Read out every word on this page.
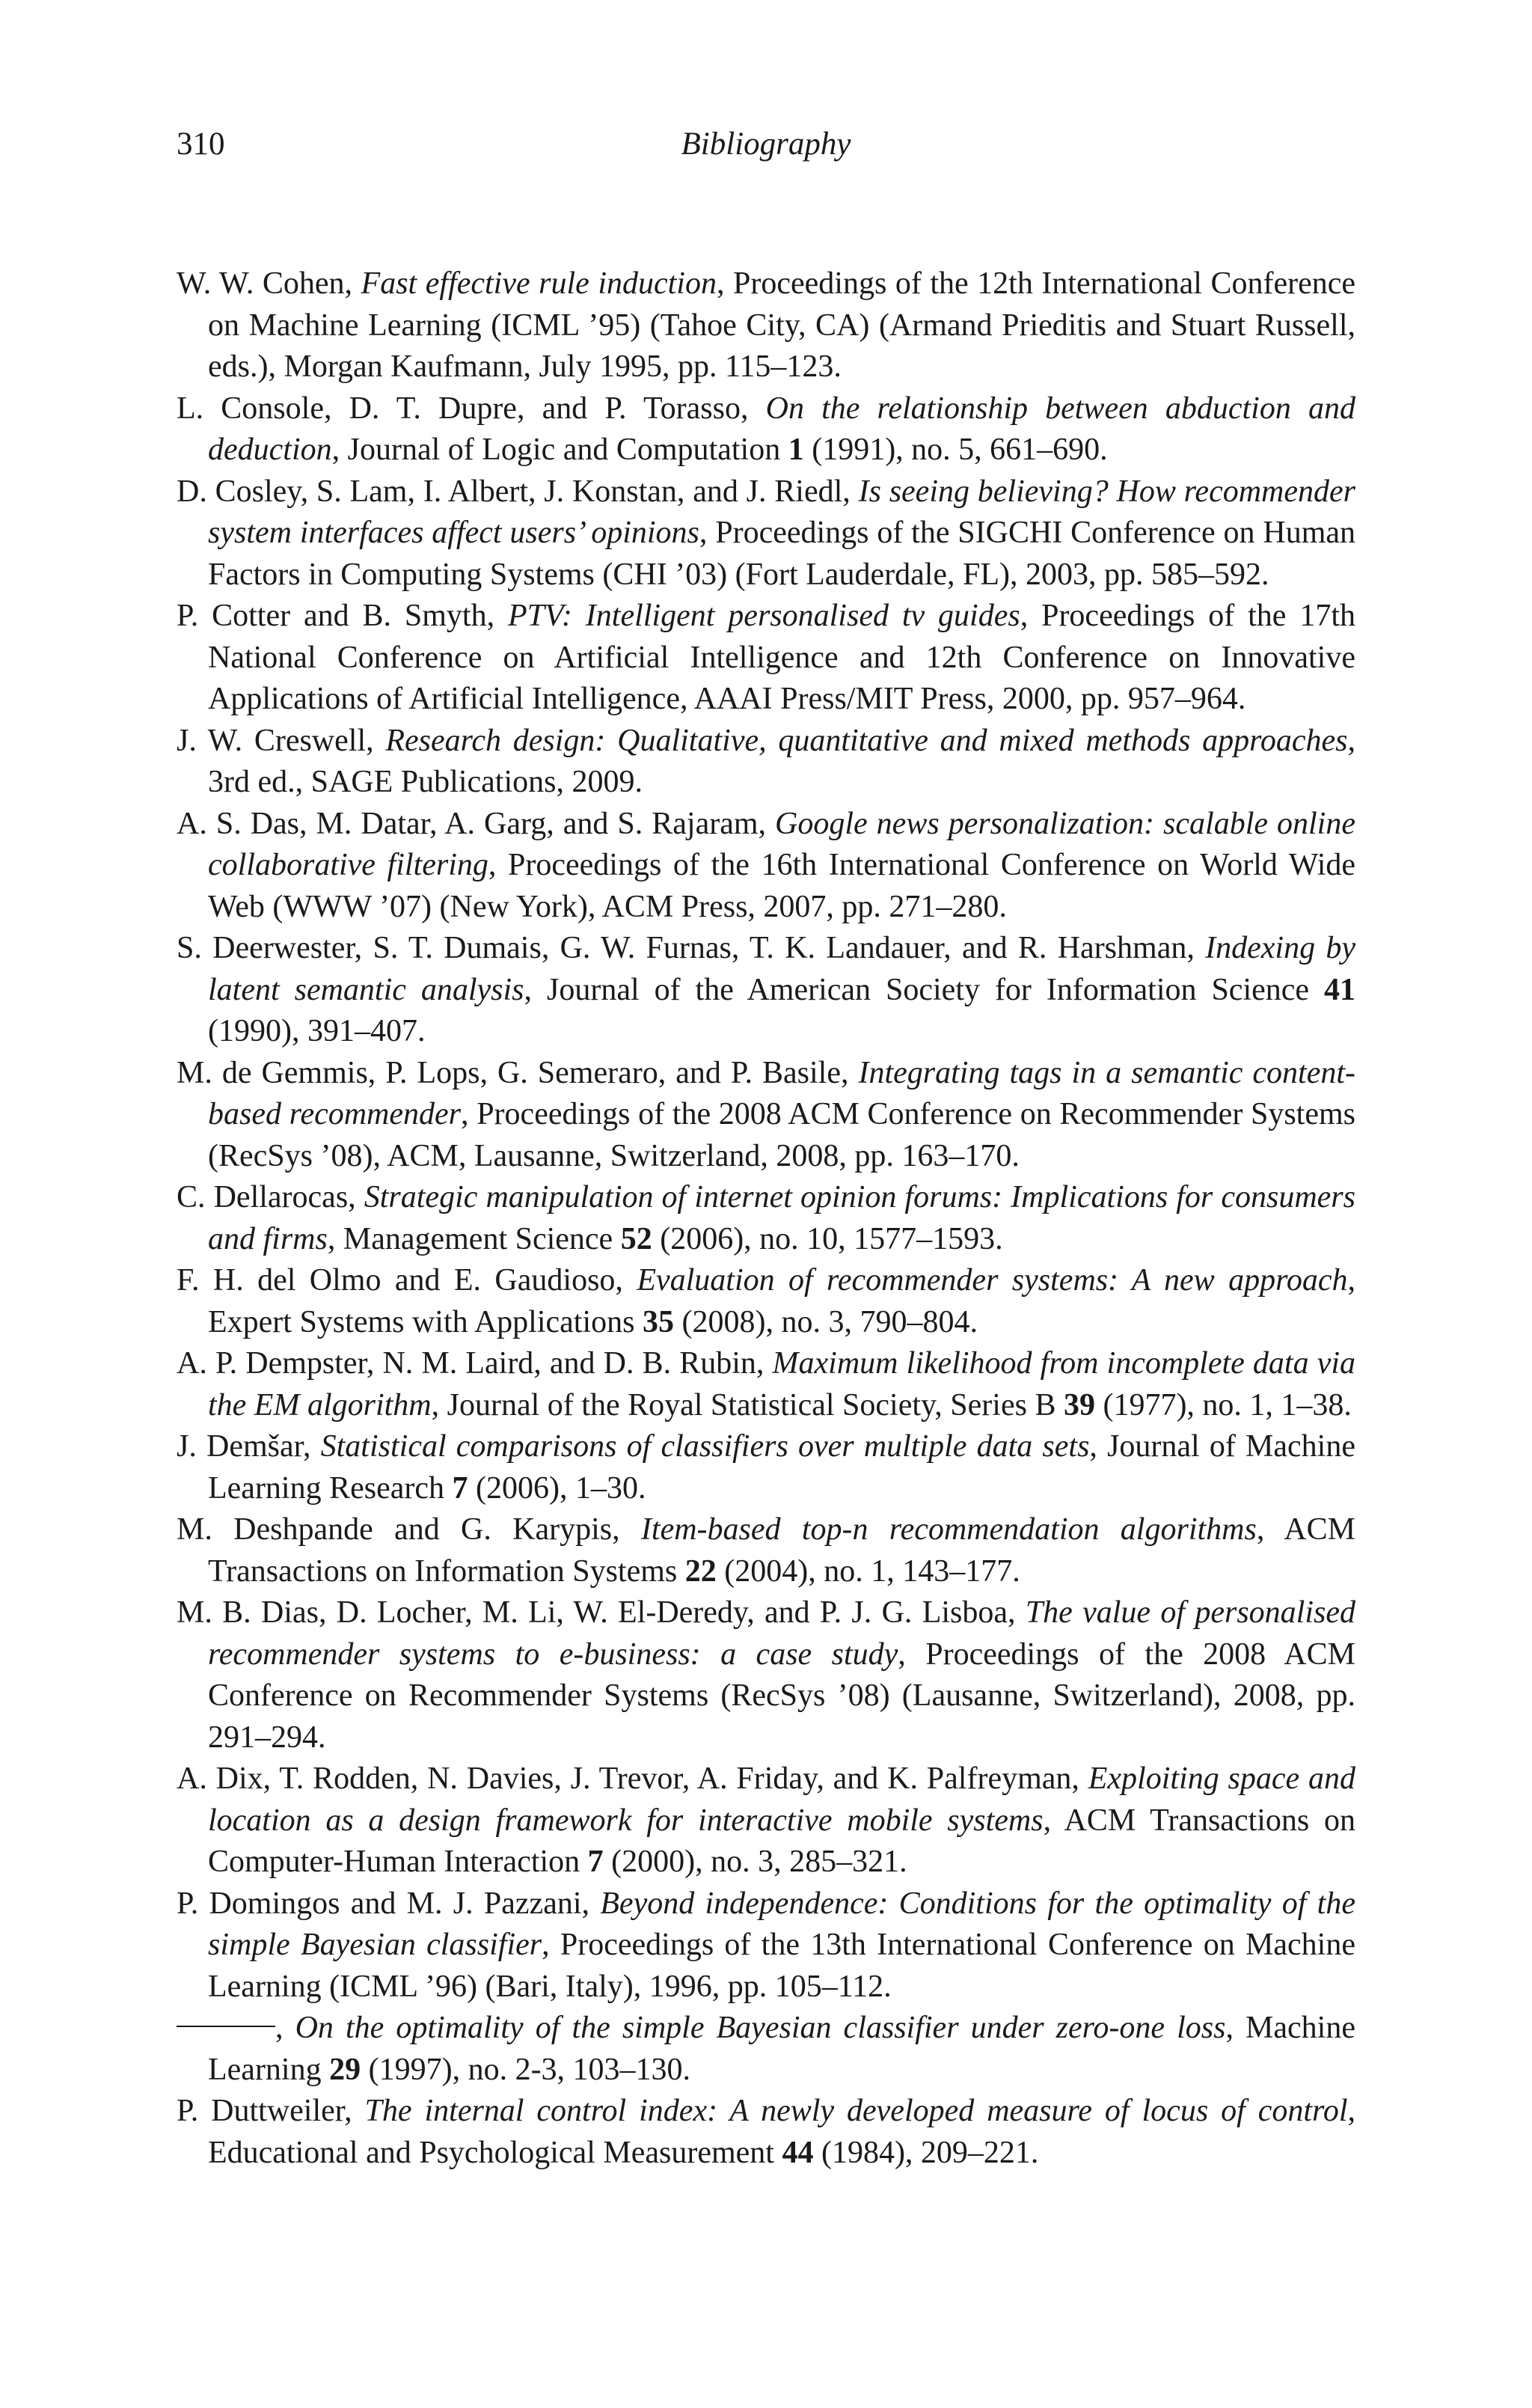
310	Bibliography

W. W. Cohen, Fast effective rule induction, Proceedings of the 12th International Conference on Machine Learning (ICML ’95) (Tahoe City, CA) (Armand Prieditis and Stuart Russell, eds.), Morgan Kaufmann, July 1995, pp. 115–123.

L. Console, D. T. Dupre, and P. Torasso, On the relationship between abduction and deduction, Journal of Logic and Computation 1 (1991), no. 5, 661–690.

D. Cosley, S. Lam, I. Albert, J. Konstan, and J. Riedl, Is seeing believing? How recommender system interfaces affect users’ opinions, Proceedings of the SIGCHI Conference on Human Factors in Computing Systems (CHI ’03) (Fort Lauderdale, FL), 2003, pp. 585–592.

P. Cotter and B. Smyth, PTV: Intelligent personalised tv guides, Proceedings of the 17th National Conference on Artificial Intelligence and 12th Conference on Innovative Applications of Artificial Intelligence, AAAI Press/MIT Press, 2000, pp. 957–964.

J. W. Creswell, Research design: Qualitative, quantitative and mixed methods approaches, 3rd ed., SAGE Publications, 2009.

A. S. Das, M. Datar, A. Garg, and S. Rajaram, Google news personalization: scalable online collaborative filtering, Proceedings of the 16th International Conference on World Wide Web (WWW ’07) (New York), ACM Press, 2007, pp. 271–280.

S. Deerwester, S. T. Dumais, G. W. Furnas, T. K. Landauer, and R. Harshman, Indexing by latent semantic analysis, Journal of the American Society for Information Science 41 (1990), 391–407.

M. de Gemmis, P. Lops, G. Semeraro, and P. Basile, Integrating tags in a semantic content-based recommender, Proceedings of the 2008 ACM Conference on Recommender Systems (RecSys ’08), ACM, Lausanne, Switzerland, 2008, pp. 163–170.

C. Dellarocas, Strategic manipulation of internet opinion forums: Implications for consumers and firms, Management Science 52 (2006), no. 10, 1577–1593.

F. H. del Olmo and E. Gaudioso, Evaluation of recommender systems: A new approach, Expert Systems with Applications 35 (2008), no. 3, 790–804.

A. P. Dempster, N. M. Laird, and D. B. Rubin, Maximum likelihood from incomplete data via the EM algorithm, Journal of the Royal Statistical Society, Series B 39 (1977), no. 1, 1–38.

J. Demšar, Statistical comparisons of classifiers over multiple data sets, Journal of Machine Learning Research 7 (2006), 1–30.

M. Deshpande and G. Karypis, Item-based top-n recommendation algorithms, ACM Transactions on Information Systems 22 (2004), no. 1, 143–177.

M. B. Dias, D. Locher, M. Li, W. El-Deredy, and P. J. G. Lisboa, The value of personalised recommender systems to e-business: a case study, Proceedings of the 2008 ACM Conference on Recommender Systems (RecSys ’08) (Lausanne, Switzerland), 2008, pp. 291–294.

A. Dix, T. Rodden, N. Davies, J. Trevor, A. Friday, and K. Palfreyman, Exploiting space and location as a design framework for interactive mobile systems, ACM Transactions on Computer-Human Interaction 7 (2000), no. 3, 285–321.

P. Domingos and M. J. Pazzani, Beyond independence: Conditions for the optimality of the simple Bayesian classifier, Proceedings of the 13th International Conference on Machine Learning (ICML ’96) (Bari, Italy), 1996, pp. 105–112.

, On the optimality of the simple Bayesian classifier under zero-one loss, Machine Learning 29 (1997), no. 2-3, 103–130.

P. Duttweiler, The internal control index: A newly developed measure of locus of control, Educational and Psychological Measurement 44 (1984), 209–221.
